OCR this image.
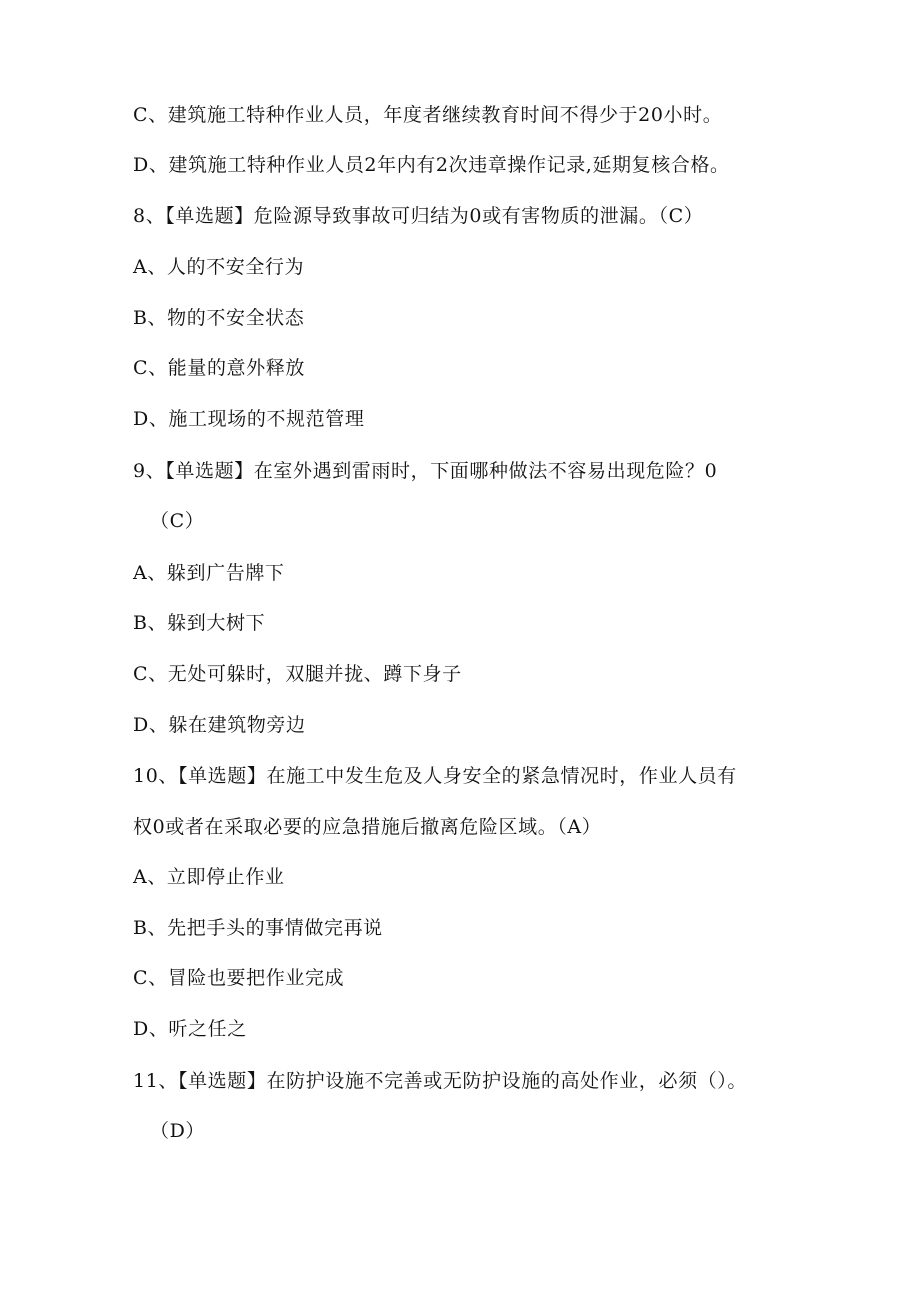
C、建筑施工特种作业人员，年度者继续教育时间不得少于20小时。
D、建筑施工特种作业人员2年内有2次违章操作记录,延期复核合格。
8、【单选题】危险源导致事故可归结为0或有害物质的泄漏。（C）
A、人的不安全行为
B、物的不安全状态
C、能量的意外释放
D、施工现场的不规范管理
9、【单选题】在室外遇到雷雨时，下面哪种做法不容易出现危险？0
（C）
A、躲到广告牌下
B、躲到大树下
C、无处可躲时，双腿并拢、蹲下身子
D、躲在建筑物旁边
10、【单选题】在施工中发生危及人身安全的紧急情况时，作业人员有
权0或者在采取必要的应急措施后撤离危险区域。（A）
A、立即停止作业
B、先把手头的事情做完再说
C、冒险也要把作业完成
D、听之任之
11、【单选题】在防护设施不完善或无防护设施的高处作业，必须（）。
（D）
